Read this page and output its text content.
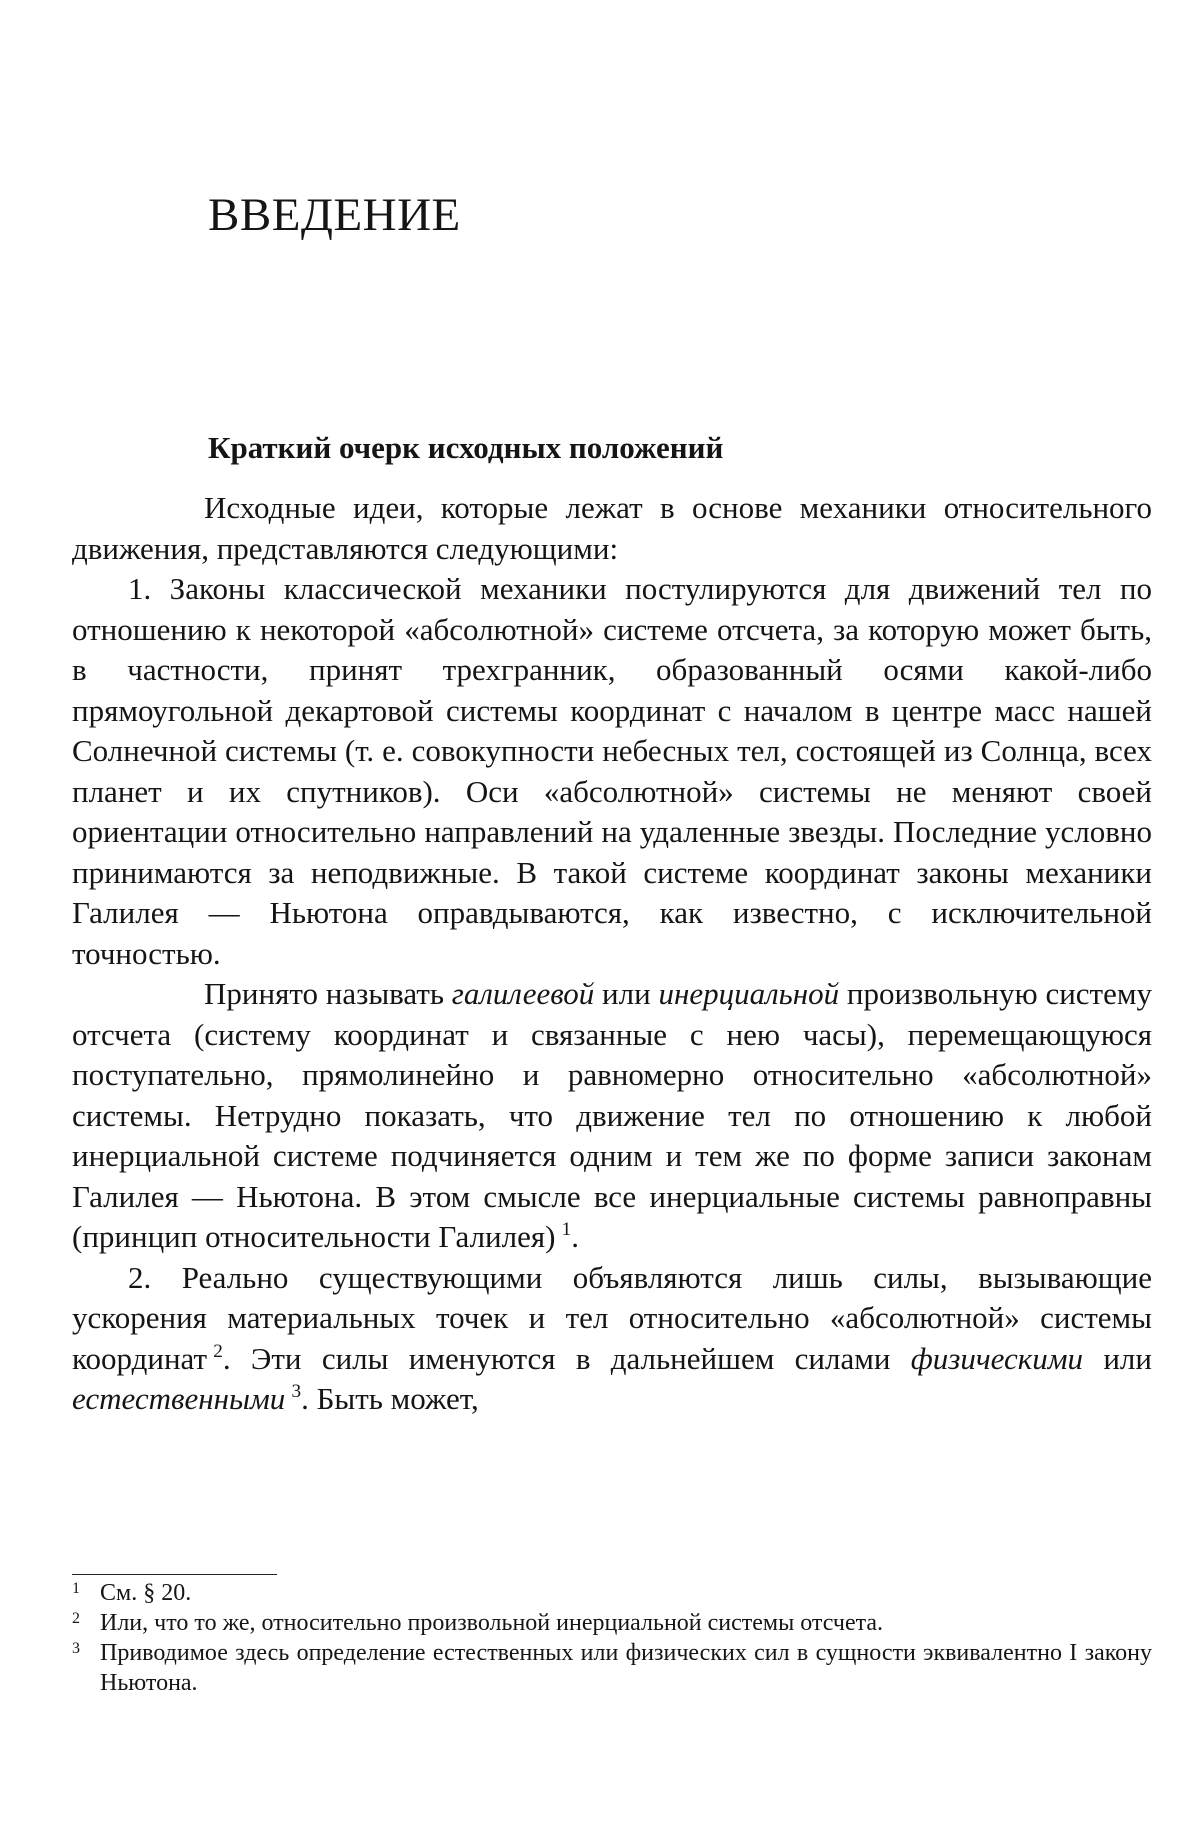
ВВЕДЕНИЕ
Краткий очерк исходных положений

Исходные идеи, которые лежат в основе механики относительного движения, представляются следующими:

1. Законы классической механики постулируются для движений тел по отношению к некоторой «абсолютной» системе отсчета, за которую может быть, в частности, принят трехгранник, образованный осями какой-либо прямоугольной декартовой системы координат с началом в центре масс нашей Солнечной системы (т. е. совокупности небесных тел, состоящей из Солнца, всех планет и их спутников). Оси «абсолютной» системы не меняют своей ориентации относительно направлений на удаленные звезды. Последние условно принимаются за неподвижные. В такой системе координат законы механики Галилея — Ньютона оправдываются, как известно, с исключительной точностью.

Принято называть галилеевой или инерциальной произвольную систему отсчета (систему координат и связанные с нею часы), перемещающуюся поступательно, прямолинейно и равномерно относительно «абсолютной» системы. Нетрудно показать, что движение тел по отношению к любой инерциальной системе подчиняется одним и тем же по форме записи законам Галилея — Ньютона. В этом смысле все инерциальные системы равноправны (принцип относительности Галилея)  $^1$.

2. Реально существующими объявляются лишь силы, вызывающие ускорения материальных точек и тел относительно «абсолютной» системы координат  $^2$. Эти силы именуются в дальнейшем силами физическими или естественными  $^3$. Быть может,

1 См. § 20.
2 Или, что то же, относительно произвольной инерциальной системы отсчета.
3 Приводимое здесь определение естественных или физических сил в сущности эквивалентно I закону Ньютона.
